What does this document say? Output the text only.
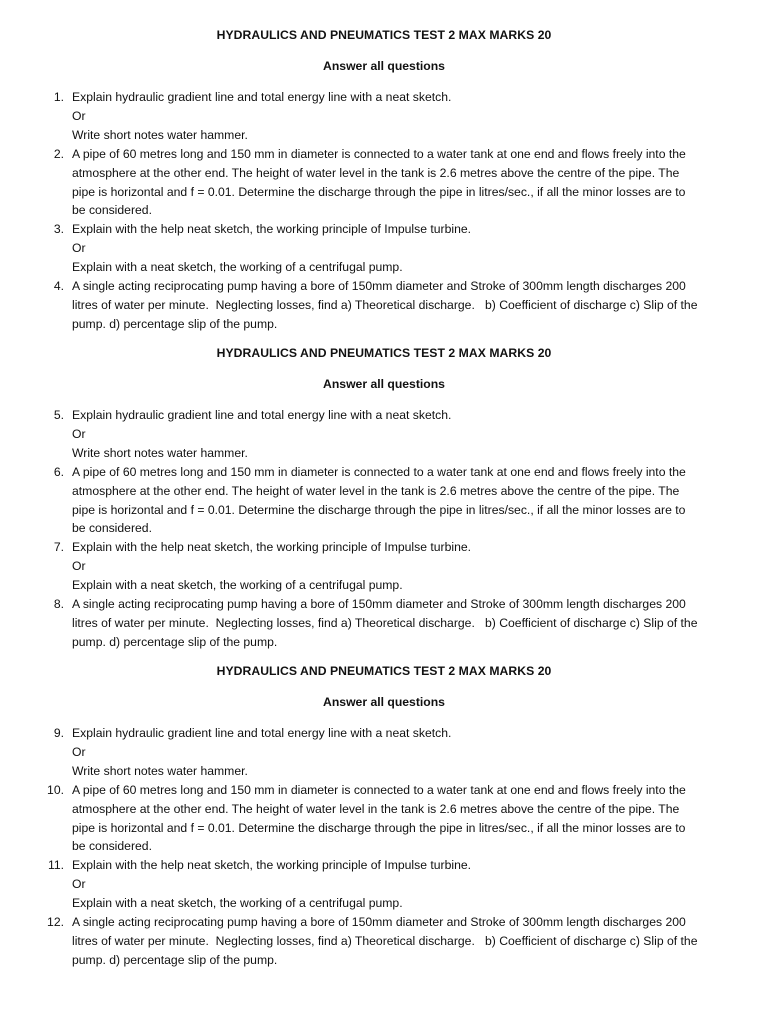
HYDRAULICS AND PNEUMATICS TEST 2 MAX MARKS 20
Answer all questions
1. Explain hydraulic gradient line and total energy line with a neat sketch.
Or
Write short notes water hammer.
2. A pipe of 60 metres long and 150 mm in diameter is connected to a water tank at one end and flows freely into the
atmosphere at the other end. The height of water level in the tank is 2.6 metres above the centre of the pipe. The
pipe is horizontal and f = 0.01. Determine the discharge through the pipe in litres/sec., if all the minor losses are to
be considered.
3. Explain with the help neat sketch, the working principle of Impulse turbine.
Or
Explain with a neat sketch, the working of a centrifugal pump.
4. A single acting reciprocating pump having a bore of 150mm diameter and Stroke of 300mm length discharges 200
litres of water per minute.  Neglecting losses, find a) Theoretical discharge.   b) Coefficient of discharge c) Slip of the
pump. d) percentage slip of the pump.
HYDRAULICS AND PNEUMATICS TEST 2 MAX MARKS 20
Answer all questions
5. Explain hydraulic gradient line and total energy line with a neat sketch.
Or
Write short notes water hammer.
6. A pipe of 60 metres long and 150 mm in diameter is connected to a water tank at one end and flows freely into the
atmosphere at the other end. The height of water level in the tank is 2.6 metres above the centre of the pipe. The
pipe is horizontal and f = 0.01. Determine the discharge through the pipe in litres/sec., if all the minor losses are to
be considered.
7. Explain with the help neat sketch, the working principle of Impulse turbine.
Or
Explain with a neat sketch, the working of a centrifugal pump.
8. A single acting reciprocating pump having a bore of 150mm diameter and Stroke of 300mm length discharges 200
litres of water per minute.  Neglecting losses, find a) Theoretical discharge.   b) Coefficient of discharge c) Slip of the
pump. d) percentage slip of the pump.
HYDRAULICS AND PNEUMATICS TEST 2 MAX MARKS 20
Answer all questions
9. Explain hydraulic gradient line and total energy line with a neat sketch.
Or
Write short notes water hammer.
10. A pipe of 60 metres long and 150 mm in diameter is connected to a water tank at one end and flows freely into the
atmosphere at the other end. The height of water level in the tank is 2.6 metres above the centre of the pipe. The
pipe is horizontal and f = 0.01. Determine the discharge through the pipe in litres/sec., if all the minor losses are to
be considered.
11. Explain with the help neat sketch, the working principle of Impulse turbine.
Or
Explain with a neat sketch, the working of a centrifugal pump.
12. A single acting reciprocating pump having a bore of 150mm diameter and Stroke of 300mm length discharges 200
litres of water per minute.  Neglecting losses, find a) Theoretical discharge.   b) Coefficient of discharge c) Slip of the
pump. d) percentage slip of the pump.
